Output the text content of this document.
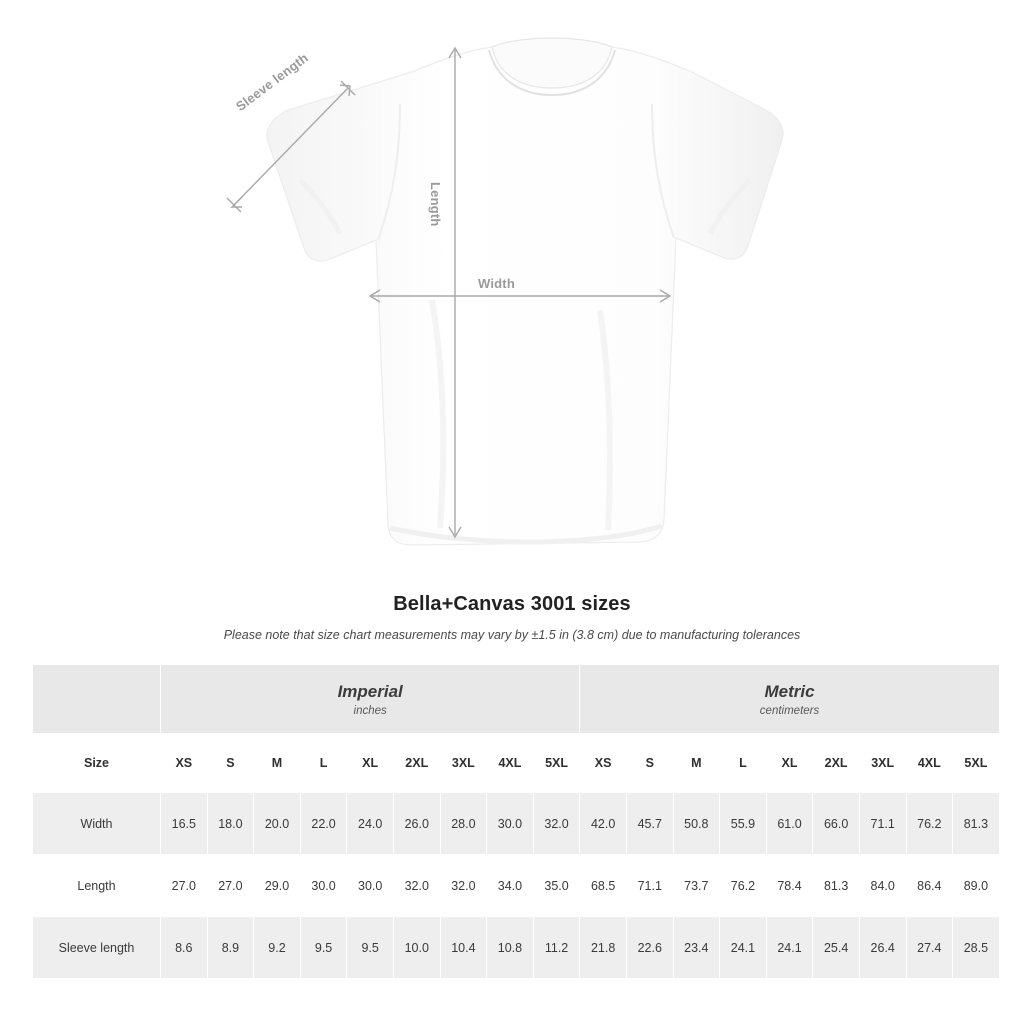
Width
Length
Sleeve length
Bella+Canvas 3001 sizes

Please note that size chart measurements may vary by ±1.5 in (3.8 cm) due to manufacturing tolerances

	Imperial
inches									Metric
centimeters								

Size	XS	S	M	L	XL	2XL	3XL	4XL	5XL	XS	S	M	L	XL	2XL	3XL	4XL	5XL
Width	16.5	18.0	20.0	22.0	24.0	26.0	28.0	30.0	32.0	42.0	45.7	50.8	55.9	61.0	66.0	71.1	76.2	81.3
Length	27.0	27.0	29.0	30.0	30.0	32.0	32.0	34.0	35.0	68.5	71.1	73.7	76.2	78.4	81.3	84.0	86.4	89.0
Sleeve length	8.6	8.9	9.2	9.5	9.5	10.0	10.4	10.8	11.2	21.8	22.6	23.4	24.1	24.1	25.4	26.4	27.4	28.5
